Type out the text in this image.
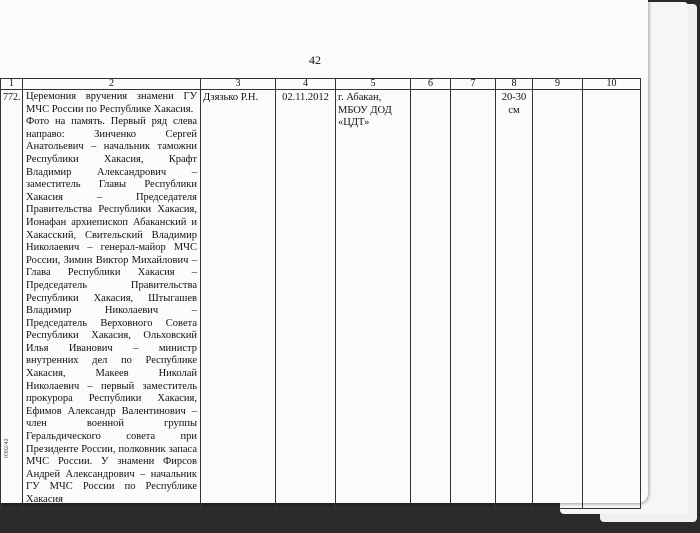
42
1	2	3	4	5	6	7	8	9	10
772.	Церемония вручения знамени ГУ МЧС России по Республике Хакасия.

Фото на память. Первый ряд слева направо: Зинченко Сергей Анатольевич – начальник таможни Республики Хакасия, Крафт Владимир Александрович – заместитель Главы Республики Хакасия – Председателя Правительства Республики Хакасия, Ионафан архиепископ Абаканский и Хакасский, Свительский Владимир Николаевич – генерал-майор МЧС России, Зимин Виктор Михайлович – Глава Республики Хакасия – Председатель Правительства Республики Хакасия, Штыгашев Владимир Николаевич – Председатель Верховного Совета Республики Хакасия, Ольховский Илья Иванович – министр внутренних дел по Республике Хакасия, Макеев Николай Николаевич – первый заместитель прокурора Республики Хакасия, Ефимов Александр Валентинович – член военной группы Геральдического совета при Президенте России, полковник запаса МЧС России. У знамени Фирсов Андрей Александрович – начальник ГУ МЧС России по Республике Хакасия	Дзязько Р.Н.	02.11.2012	г. Абакан, МБОУ ДОД «ЦДТ»			20-30 см		
0302/42
